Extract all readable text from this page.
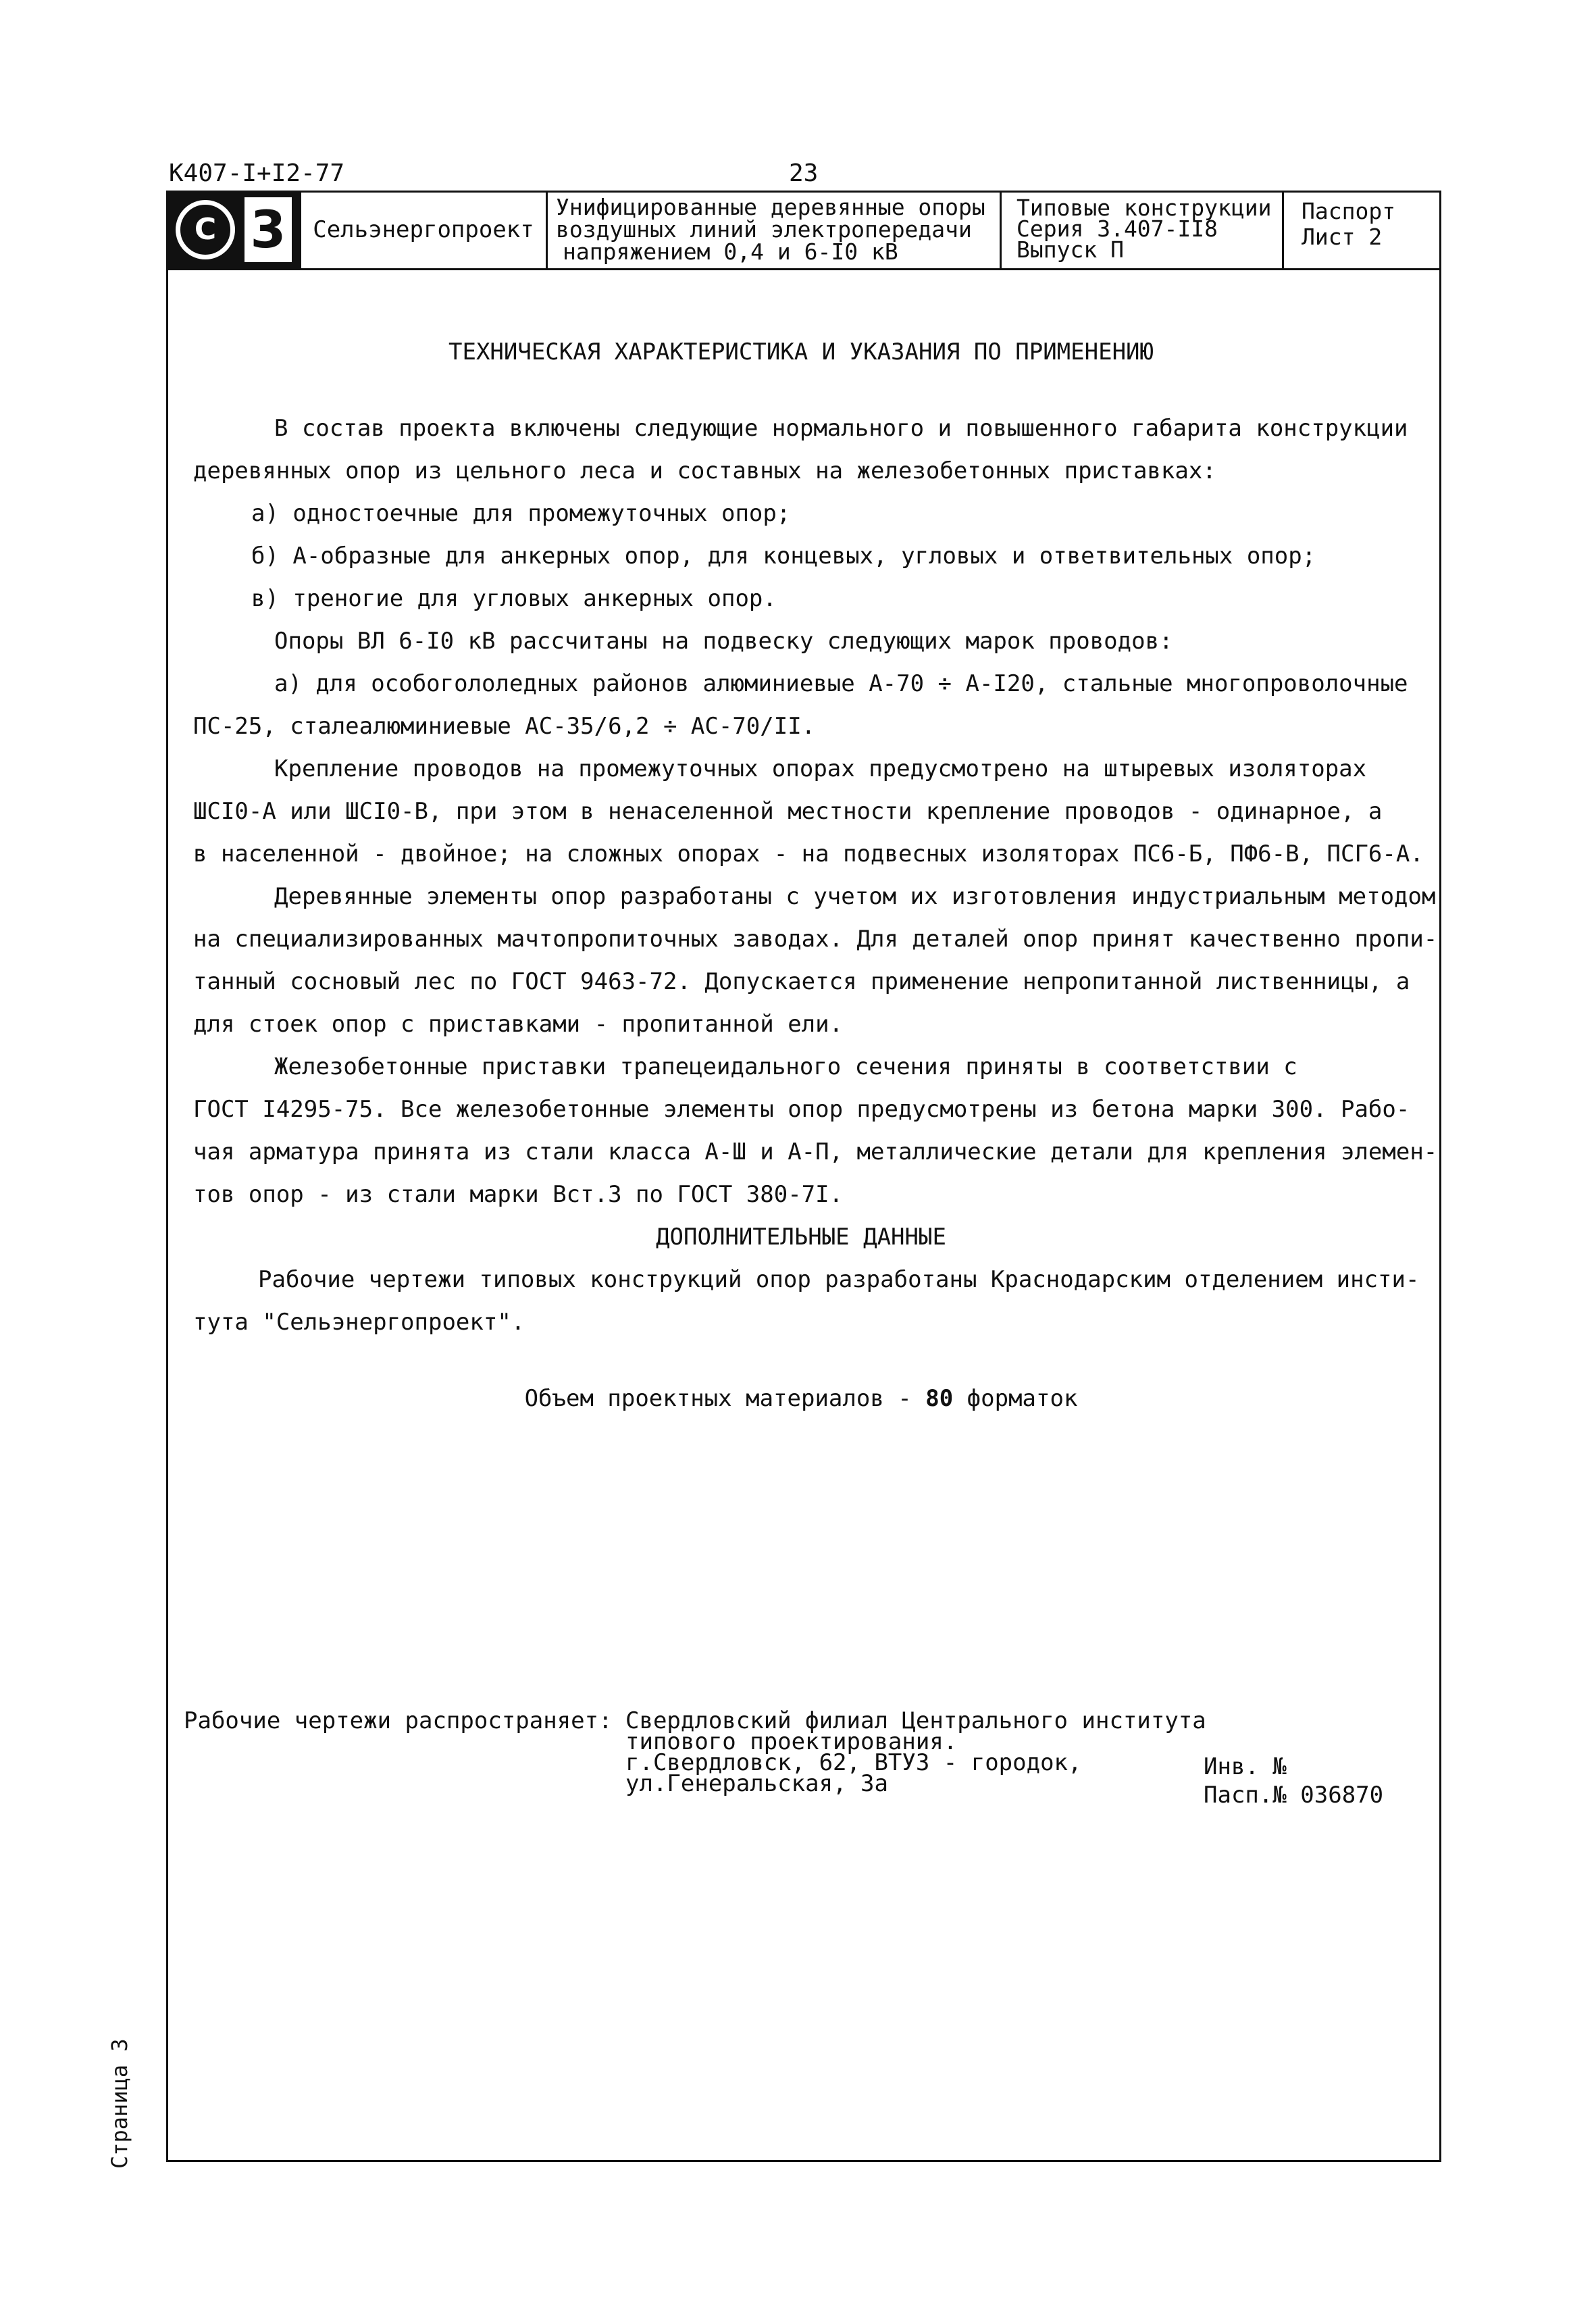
К407-I+I2-77	23
С 3	Сельэнергопроект
Унифицированные деревянные опоры
воздушных линий электропередачи
напряжением 0,4 и 6-I0 кВ
Типовые конструкции
Серия 3.407-II8
Выпуск П
Паспорт
Лист 2

ТЕХНИЧЕСКАЯ ХАРАКТЕРИСТИКА И УКАЗАНИЯ ПО ПРИМЕНЕНИЮ

В состав проекта включены следующие нормального и повышенного габарита конструкции

деревянных опор из цельного леса и составных на железобетонных приставках:

а) одностоечные для промежуточных опор;

б) А-образные для анкерных опор, для концевых, угловых и ответвительных опор;

в) треногие для угловых анкерных опор.

Опоры ВЛ 6-I0 кВ рассчитаны на подвеску следующих марок проводов:

а) для особогололедных районов алюминиевые А-70 ÷ А-I20, стальные многопроволочные

ПС-25, сталеалюминиевые АС-35/6,2 ÷ АС-70/II.

Крепление проводов на промежуточных опорах предусмотрено на штыревых изоляторах

ШСI0-А или ШСI0-В, при этом в ненаселенной местности крепление проводов - одинарное, а

в населенной - двойное; на сложных опорах - на подвесных изоляторах ПС6-Б, ПФ6-В, ПСГ6-А.

Деревянные элементы опор разработаны с учетом их изготовления индустриальным методом

на специализированных мачтопропиточных заводах. Для деталей опор принят качественно пропи-

танный сосновый лес по ГОСТ 9463-72. Допускается применение непропитанной лиственницы, а

для стоек опор с приставками - пропитанной ели.

Железобетонные приставки трапецеидального сечения приняты в соответствии с

ГОСТ I4295-75. Все железобетонные элементы опор предусмотрены из бетона марки 300. Рабо-

чая арматура принята из стали класса А-Ш и А-П, металлические детали для крепления элемен-

тов опор - из стали марки Вст.3 по ГОСТ 380-7I.

ДОПОЛНИТЕЛЬНЫЕ ДАННЫЕ

Рабочие чертежи типовых конструкций опор разработаны Краснодарским отделением инсти-

тута "Сельэнергопроект".

Объем проектных материалов - 80 форматок

Рабочие чертежи распространяет: Свердловский филиал Центрального института
типового проектирования.
г.Свердловск, 62, ВТУЗ - городок,
ул.Генеральская, 3а
Инв. №
Пасп.№ 036870
Страница 3
